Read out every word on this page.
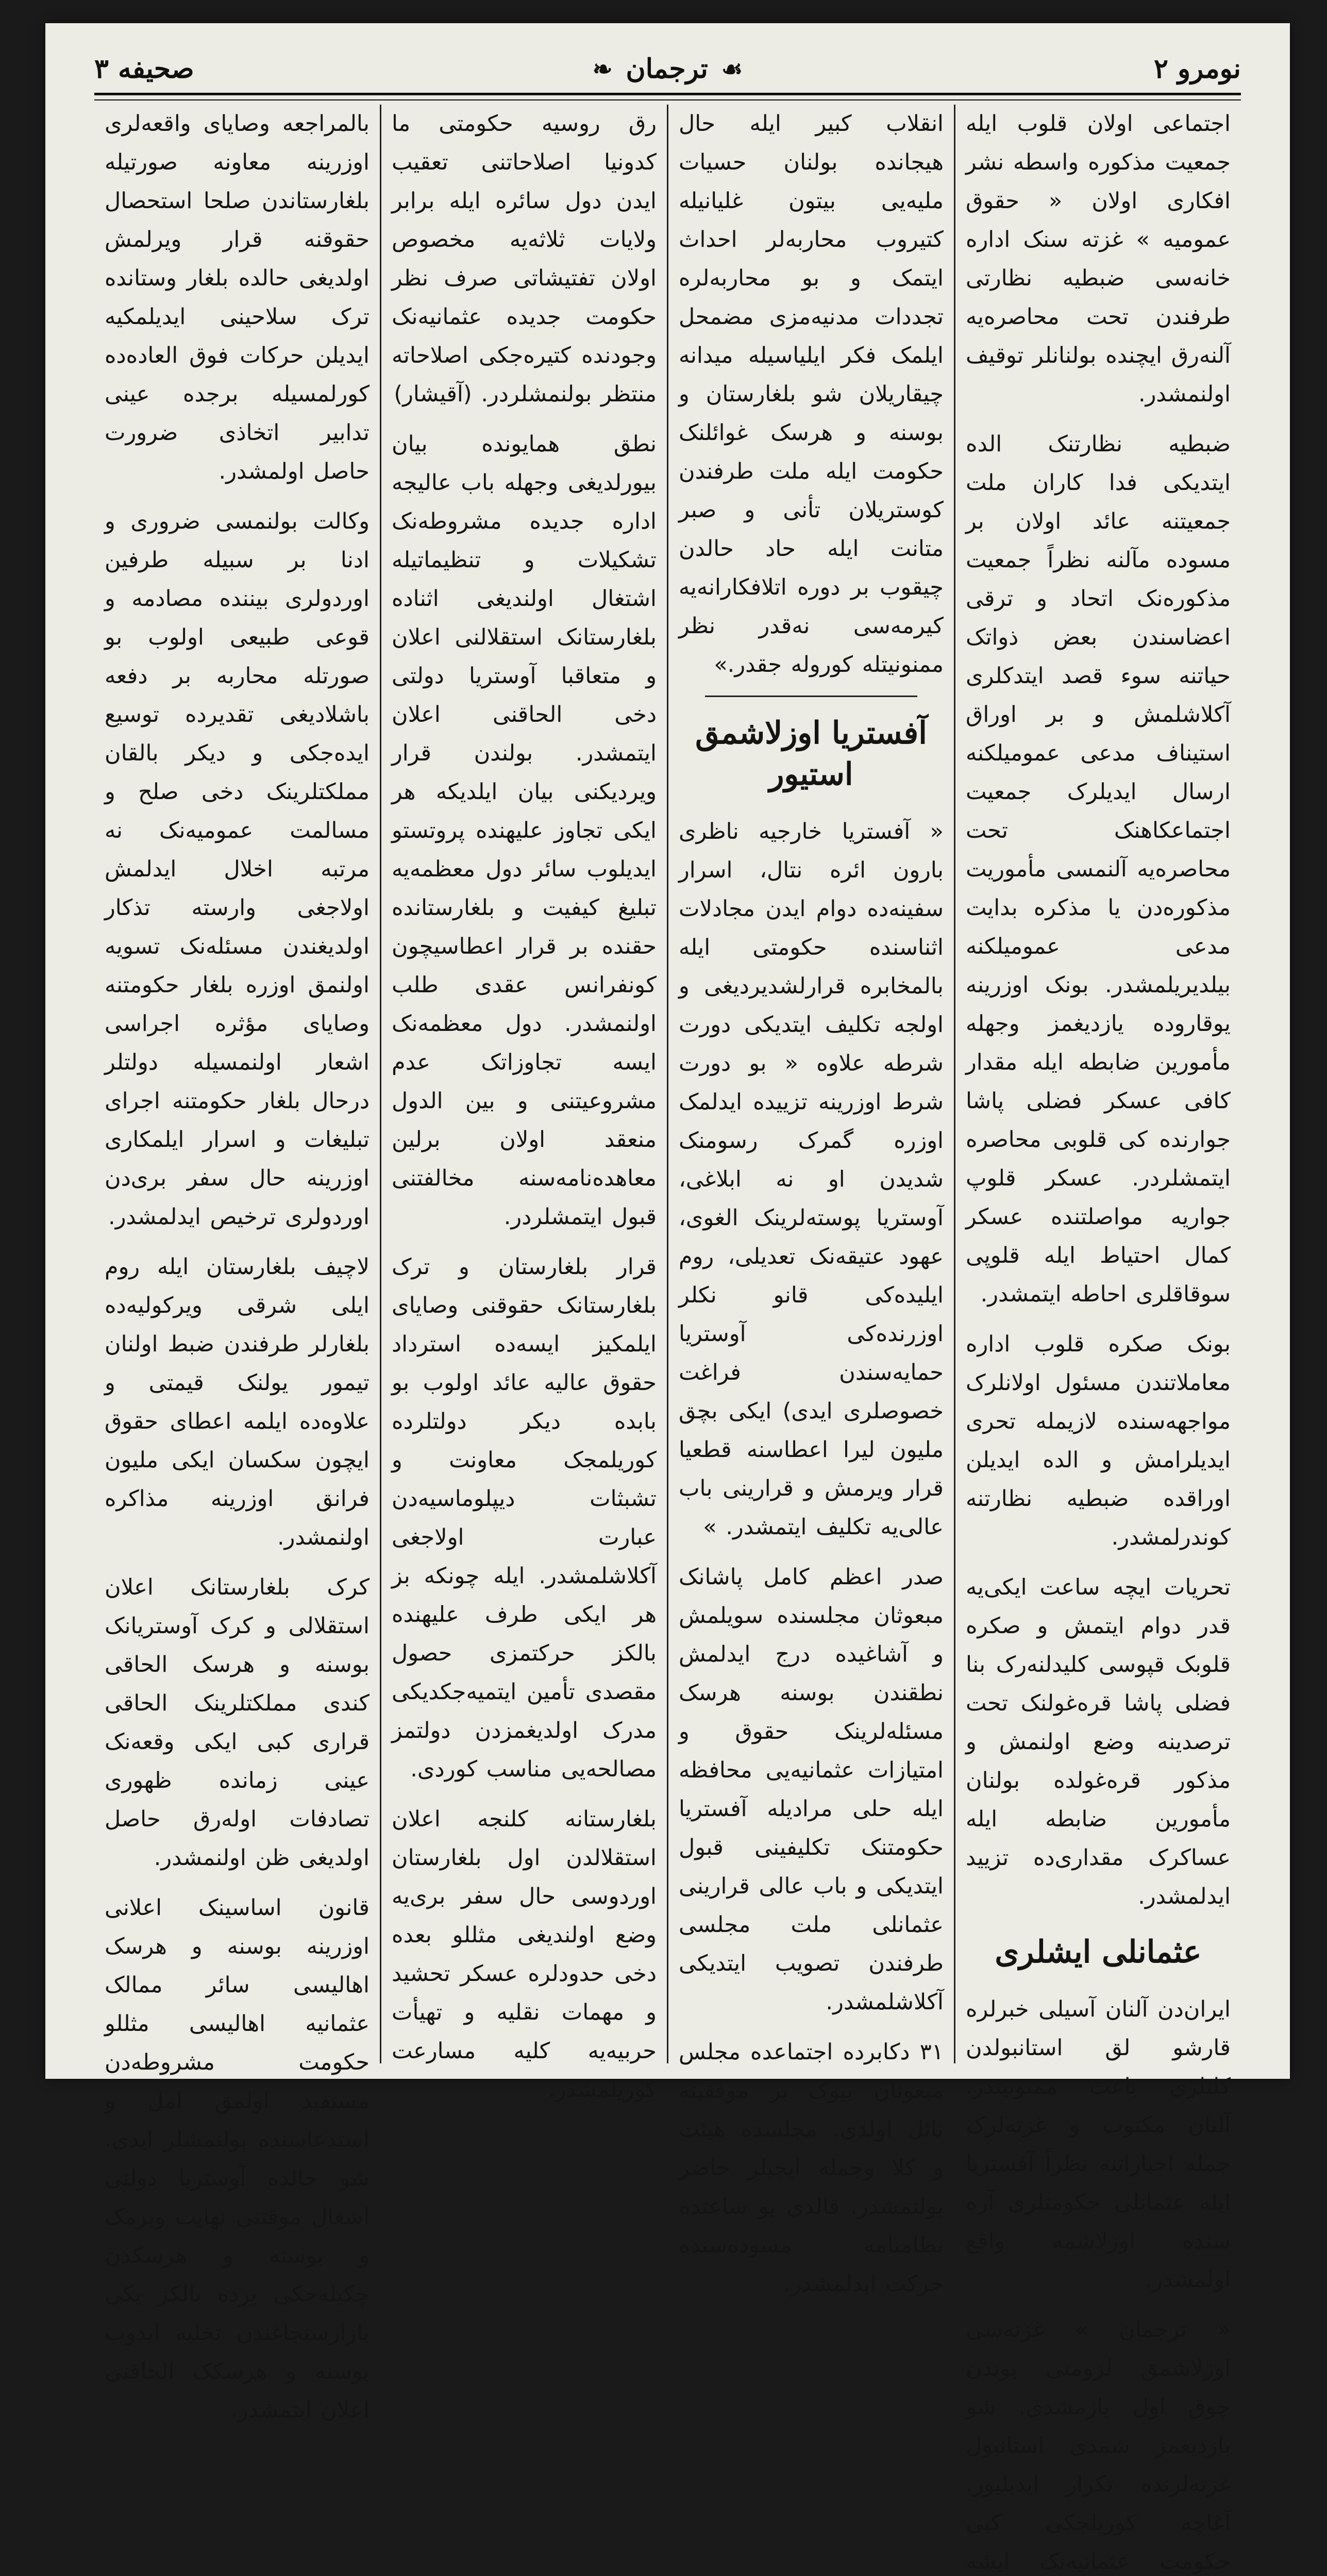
نومرو ۲
☙
ترجمان
❧
صحیفه ۳

اجتماعی اولان قلوب ایله جمعیت مذکوره واسطه نشر افکاری اولان « حقوق عمومیه » غزته سنک اداره خانه‌سی ضبطیه نظارتی طرفندن تحت محاصره‌یه آلنه‌رق ایچنده بولنانلر توقیف اولنمشدر.

ضبطیه نظارتنک الده ایتدیکی فدا کاران ملت جمعیتنه عائد اولان بر مسوده مآلنه نظراً جمعیت مذکوره‌نک اتحاد و ترقی اعضاسندن بعض ذواتک حیاتنه سوء قصد ایتدکلری آکلاشلمش و بر اوراق استیناف مدعی عمومیلکنه ارسال ایدیلرک جمعیت اجتماعکاهنک تحت محاصره‌یه آلنمسی مأموریت مذکوره‌دن یا مذکره بدایت مدعی عمومیلکنه بیلدیریلمشدر. بونک اوزرینه یوقاروده یازدیغمز وجهله مأمورین ضابطه ایله مقدار کافی عسکر فضلی پاشا جوارنده کی قلوبی محاصره ایتمشلردر. عسکر قلوپ جواریه مواصلتنده عسکر کمال احتیاط ایله قلوپی سوقاقلری احاطه ایتمشدر.

بونک صکره قلوب اداره معاملاتندن مسئول اولانلرک مواجهه‌سنده لازیمله تحری ایدیلرامش و الده ایدیلن اوراقده ضبطیه نظارتنه کوندرلمشدر.

تحریات ایچه ساعت ایکی‌یه قدر دوام ایتمش و صکره قلوبک قپوسی کلیدلنه‌رک بنا فضلی پاشا قره‌غولنک تحت ترصدینه وضع اولنمش و مذکور قره‌غولده بولنان مأمورین ضابطه ایله عساکرک مقداری‌ده تزیید ایدلمشدر.

عثمانلی ایشلری

ایران‌دن آلنان آسیلی خبرلره قارشو لق استانبولدن کلنلری باعث ممنونیتدر. آلنان مکتوب و غزته‌لرک جمله اخباراتنه نظراً آفستریا ایله عثمانلی حکومتلری آره‌ سنده اوزلاشمه واقع اولمشدر.

« ترجمان » غزته‌سی اوزلاشمق لزومنی بوندن چوق اول یازمشدی. شو بازدیغمز شمدی استانبول غزته‌لرنده تکرار ایدیلیور. آغاچه کوریلجکی کبی حکومت عثمانیه‌نک ایشه

انقلاب کبیر ایله حال هیجانده بولنان حسیات ملیه‌یی بیتون غلیانیله کتیروب محاربه‌لر احداث ایتمک و بو محاربه‌لره تجددات مدنیه‌مزی مضمحل ایلمک فکر ایلیاسیله میدانه چیقاریلان شو بلغارستان و بوسنه و هرسک غوائلنک حکومت ایله ملت طرفندن کوستریلان تأنی و صبر متانت ایله حاد حالدن چیقوب بر دوره اتلافکارانه‌یه کیرمه‌سی نه‌قدر نظر ممنونیتله کوروله‌ جقدر.»

آفستریا اوزلاشمق استیور

« آفستریا خارجیه ناظری بارون ائره نتال، اسرار سفینه‌ده دوام ایدن مجادلات اثناسنده حکومتی ایله بالمخابره قرارلشدیردیغی و اولجه تکلیف ایتدیکی دورت شرطه علاوه « بو دورت شرط اوزرینه تزییده ایدلمک اوزره گمرک رسومنک شدیدن او نه ابلاغی، آوستریا پوسته‌لرینک الغوی، عهود عتیقه‌نک تعدیلی، روم ایلیده‌کی قانو نکلر اوزرنده‌کی آوستریا حمایه‌سندن فراغت خصوصلری ایدی) ایکی بچق ملیون لیرا اعطاسنه قطعیا قرار ویرمش و قرارینی باب عالی‌یه تکلیف ایتمشدر. »

صدر اعظم کامل پاشانک مبعوثان مجلسنده سویلمش و آشاغیده درج ایدلمش نطقندن بوسنه هرسک مسئله‌لرینک حقوق و امتیازات عثمانیه‌یی محافظه ایله حلی مرادیله آفستریا حکومتنک تکلیفینی قبول ایتدیکی و باب عالی قرارینی عثمانلی ملت مجلسی طرفندن تصویب ایتدیکی آکلاشلمشدر.

۳۱ دکابرده اجتماعده مجلس مبعوثان بیوک بر موفقیته نائل اولدی. مجلسده هیئت و کلا وجمله ایچیلر حاضر بولنمشدر. قالدی بو ساعتده نظامنامه مسوده‌سنده حرکت ایدلمشدر.

رق روسیه حکومتی ما کدونیا اصلاحاتنی تعقیب ایدن دول سائره ایله برابر ولایات ثلاثه‌یه مخصوص اولان تفتیشاتی صرف نظر حکومت جدیده عثمانیه‌نک وجودنده کتیره‌جکی اصلاحاته منتظر بولنمشلردر. (آقیشار)

نطق همایونده بیان بیورلدیغی وجهله باب عالیجه اداره جدیده مشروطه‌نک تشکیلات و تنظیماتیله اشتغال اولندیغی اثناده بلغارستانک استقلالنی اعلان و متعاقبا آوستریا دولتی دخی الحاقنی اعلان ایتمشدر. بولندن قرار ویردیکنی بیان ایلدیکه هر ایکی تجاوز علیهنده پروتستو ایدیلوب سائر دول معظمه‌یه تبلیغ کیفیت و بلغارستانده حقنده بر قرار اعطاسیچون کونفرانس عقدی طلب اولنمشدر. دول معظمه‌نک ایسه تجاوزاتک عدم مشروعیتنی و بین الدول منعقد اولان برلین معاهده‌نامه‌سنه مخالفتنی قبول ایتمشلردر.

قرار بلغارستان و ترک بلغارستانک حقوقنی وصایای ایلمکیز ایسه‌ده استرداد حقوق عالیه عائد اولوب بو بابده دیکر دولتلرده کوریلمجک معاونت و تشبثات دیپلوماسیه‌دن عبارت اولاجغی آکلاشلمشدر. ایله چونکه بز هر ایکی طرف علیهنده بالکز حرکتمزی حصول مقصدی تأمین ایتمیه‌جکدیکی مدرک اولدیغمزدن دولتمز مصالحه‌یی مناسب کوردی.

بلغارستانه کلنجه اعلان استقلالدن اول بلغارستان اوردوسی حال سفر بری‌یه وضع اولندیغی مثللو بعده دخی حدودلره عسکر تحشید و مهمات نقلیه و تهیأت حربیه‌یه کلیه مسارعت کوریلمشدر.

بالمراجعه وصایای واقعه‌لری اوزرینه معاونه صورتیله بلغارستاندن صلحا استحصال حقوقنه قرار ویرلمش اولدیغی حالده بلغار وستانده ترک سلاحینی ایدیلمکیه ایدیلن حرکات فوق العاده‌ده کورلمسیله برجده عینی تدابیر اتخاذی ضرورت حاصل اولمشدر.

وکالت بولنمسی ضروری و ادنا بر سبیله طرفین اوردولری بیننده مصادمه و قوعی طبیعی اولوب بو صورتله محاربه بر دفعه باشلادیغی تقدیرده توسیع ایده‌جکی و دیکر بالقان مملکتلرینک دخی صلح و مسالمت عمومیه‌نک نه مرتبه اخلال ایدلمش اولاجغی وارسته تذکار اولدیغندن مسئله‌نک تسویه اولنمق اوزره بلغار حکومتنه وصایای مؤثره اجراسی اشعار اولنمسیله دولتلر درحال بلغار حکومتنه اجرای تبلیغات و اسرار ایلمکاری اوزرینه حال سفر بری‌دن اوردولری ترخیص ایدلمشدر.

لاچیف بلغارستان ایله روم ایلی شرقی ویرکولیه‌ده بلغارلر طرفندن ضبط اولنان تیمور یولنک قیمتی و علاوه‌ده ایلمه اعطای حقوق ایچون سکسان ایکی ملیون فرانق اوزرینه مذاکره اولنمشدر.

کرک بلغارستانک اعلان استقلالی و کرک آوستریانک بوسنه و هرسک الحاقی کندی مملکتلرینک الحاقی قراری کبی ایکی وقعه‌نک عینی زمانده ظهوری تصادفات اوله‌رق حاصل اولدیغی ظن اولنمشدر.

قانون اساسینک اعلانی اوزرینه بوسنه و هرسک اهالیسی سائر ممالک عثمانیه اهالیسی مثللو حکومت مشروطه‌دن مستفید اولمق امل و استدعاسنده بولنمشلر ایدی. شو حالده آوستریا دولتی اشغال موقتنی نهایت ویرمک و بوسنه و هرسکدن چکیله‌جکی یرده بالکز یکی بازارسنجاغندن تخلیه ایدوب بوسنه و هرسکک الحاقنی اعلان ایتمشدر.
